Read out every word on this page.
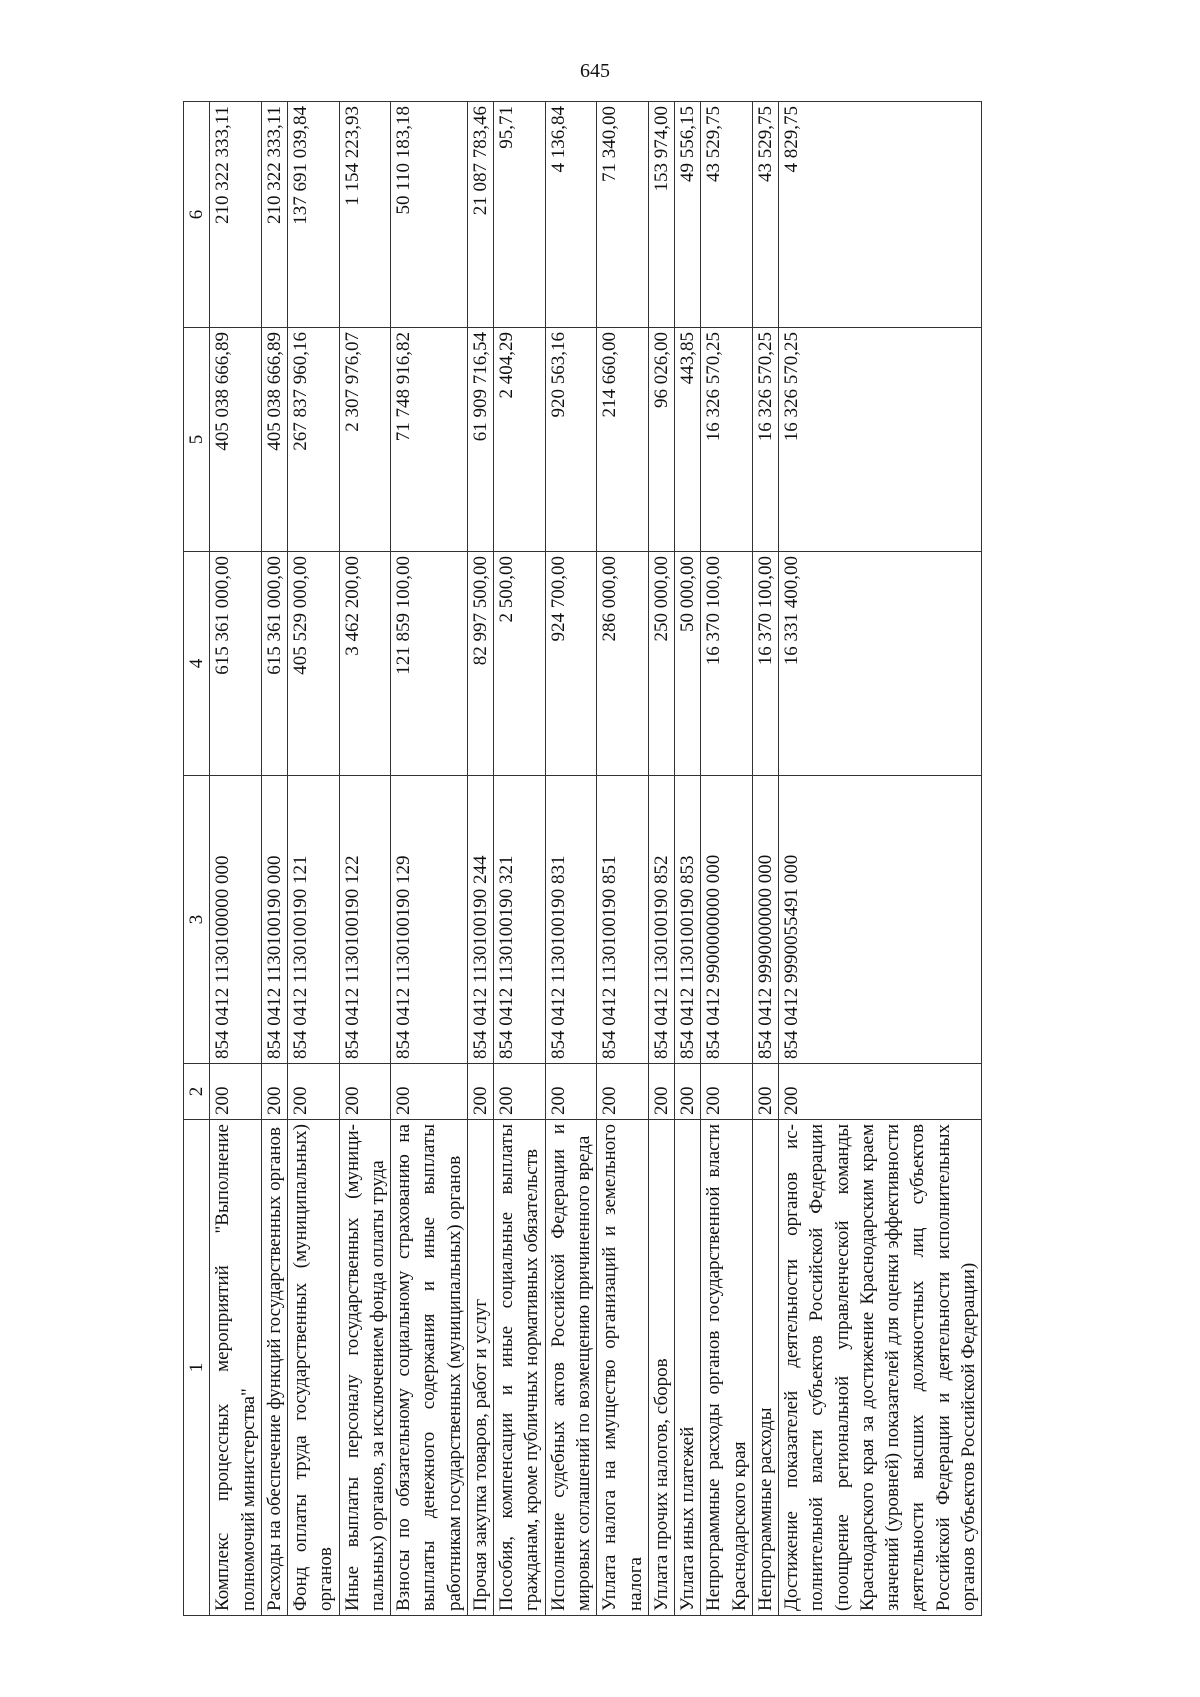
645
1	2	3	4	5	6
Комплекс процессных мероприятий "Выполнение полномочий министерства"	200	854 0412 1130100000 000	615 361 000,00	405 038 666,89	210 322 333,11
Расходы на обеспечение функций государственных органов	200	854 0412 1130100190 000	615 361 000,00	405 038 666,89	210 322 333,11
Фонд оплаты труда государственных (муниципальных) органов	200	854 0412 1130100190 121	405 529 000,00	267 837 960,16	137 691 039,84
Иные выплаты персоналу государственных (муниципальных) органов, за исключением фонда оплаты труда	200	854 0412 1130100190 122	3 462 200,00	2 307 976,07	1 154 223,93
Взносы по обязательному социальному страхованию на выплаты денежного содержания и иные выплаты работникам государственных (муниципальных) органов	200	854 0412 1130100190 129	121 859 100,00	71 748 916,82	50 110 183,18
Прочая закупка товаров, работ и услуг	200	854 0412 1130100190 244	82 997 500,00	61 909 716,54	21 087 783,46
Пособия, компенсации и иные социальные выплаты гражданам, кроме публичных нормативных обязательств	200	854 0412 1130100190 321	2 500,00	2 404,29	95,71
Исполнение судебных актов Российской Федерации и мировых соглашений по возмещению причиненного вреда	200	854 0412 1130100190 831	924 700,00	920 563,16	4 136,84
Уплата налога на имущество организаций и земельного налога	200	854 0412 1130100190 851	286 000,00	214 660,00	71 340,00
Уплата прочих налогов, сборов	200	854 0412 1130100190 852	250 000,00	96 026,00	153 974,00
Уплата иных платежей	200	854 0412 1130100190 853	50 000,00	443,85	49 556,15
Непрограммные расходы органов государственной власти Краснодарского края	200	854 0412 9900000000 000	16 370 100,00	16 326 570,25	43 529,75
Непрограммные расходы	200	854 0412 9990000000 000	16 370 100,00	16 326 570,25	43 529,75
Достижение показателей деятельности органов исполнительной власти субъектов Российской Федерации (поощрение региональной управленческой команды Краснодарского края за достижение Краснодарским краем значений (уровней) показателей для оценки эффективности деятельности высших должностных лиц субъектов Российской Федерации и деятельности исполнительных органов субъектов Российской Федерации)	200	854 0412 9990055491 000	16 331 400,00	16 326 570,25	4 829,75
